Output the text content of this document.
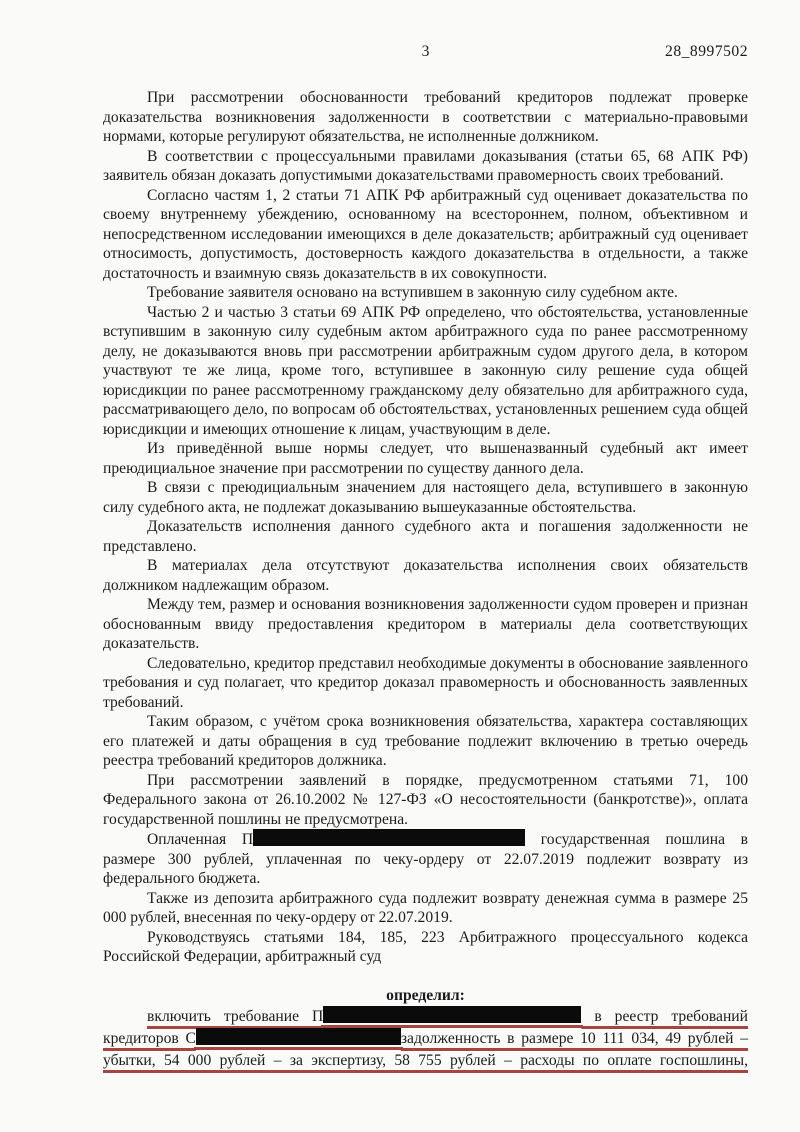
3	28_8997502

При рассмотрении обоснованности требований кредиторов подлежат проверке доказательства возникновения задолженности в соответствии с материально-правовыми нормами, которые регулируют обязательства, не исполненные должником.

В соответствии с процессуальными правилами доказывания (статьи 65, 68 АПК РФ) заявитель обязан доказать допустимыми доказательствами правомерность своих требований.

Согласно частям 1, 2 статьи 71 АПК РФ арбитражный суд оценивает доказательства по своему внутреннему убеждению, основанному на всестороннем, полном, объективном и непосредственном исследовании имеющихся в деле доказательств; арбитражный суд оценивает относимость, допустимость, достоверность каждого доказательства в отдельности, а также достаточность и взаимную связь доказательств в их совокупности.

Требование заявителя основано на вступившем в законную силу судебном акте.

Частью 2 и частью 3 статьи 69 АПК РФ определено, что обстоятельства, установленные вступившим в законную силу судебным актом арбитражного суда по ранее рассмотренному делу, не доказываются вновь при рассмотрении арбитражным судом другого дела, в котором участвуют те же лица, кроме того, вступившее в законную силу решение суда общей юрисдикции по ранее рассмотренному гражданскому делу обязательно для арбитражного суда, рассматривающего дело, по вопросам об обстоятельствах, установленных решением суда общей юрисдикции и имеющих отношение к лицам, участвующим в деле.

Из приведённой выше нормы следует, что вышеназванный судебный акт имеет преюдициальное значение при рассмотрении по существу данного дела.

В связи с преюдициальным значением для настоящего дела, вступившего в законную силу судебного акта, не подлежат доказыванию вышеуказанные обстоятельства.

Доказательств исполнения данного судебного акта и погашения задолженности не представлено.

В материалах дела отсутствуют доказательства исполнения своих обязательств должником надлежащим образом.

Между тем, размер и основания возникновения задолженности судом проверен и признан обоснованным ввиду предоставления кредитором в материалы дела соответствующих доказательств.

Следовательно, кредитор представил необходимые документы в обоснование заявленного требования и суд полагает, что кредитор доказал правомерность и обоснованность заявленных требований.

Таким образом, с учётом срока возникновения обязательства, характера составляющих его платежей и даты обращения в суд требование подлежит включению в третью очередь реестра требований кредиторов должника.

При рассмотрении заявлений в порядке, предусмотренном статьями 71, 100 Федерального закона от 26.10.2002 № 127-ФЗ «О несостоятельности (банкротстве)», оплата государственной пошлины не предусмотрена.

Оплаченная П	государственная пошлина в размере 300 рублей, уплаченная по чеку-ордеру от 22.07.2019 подлежит возврату из федерального бюджета.

Также из депозита арбитражного суда подлежит возврату денежная сумма в размере 25 000 рублей, внесенная по чеку-ордеру от 22.07.2019.

Руководствуясь статьями 184, 185, 223 Арбитражного процессуального кодекса Российской Федерации, арбитражный суд

определил:

включить требование П	в реестр требований кредиторов С	задолженность в размере 10 111 034, 49 рублей – убытки, 54 000 рублей – за экспертизу, 58 755 рублей – расходы по оплате госпошлины,
